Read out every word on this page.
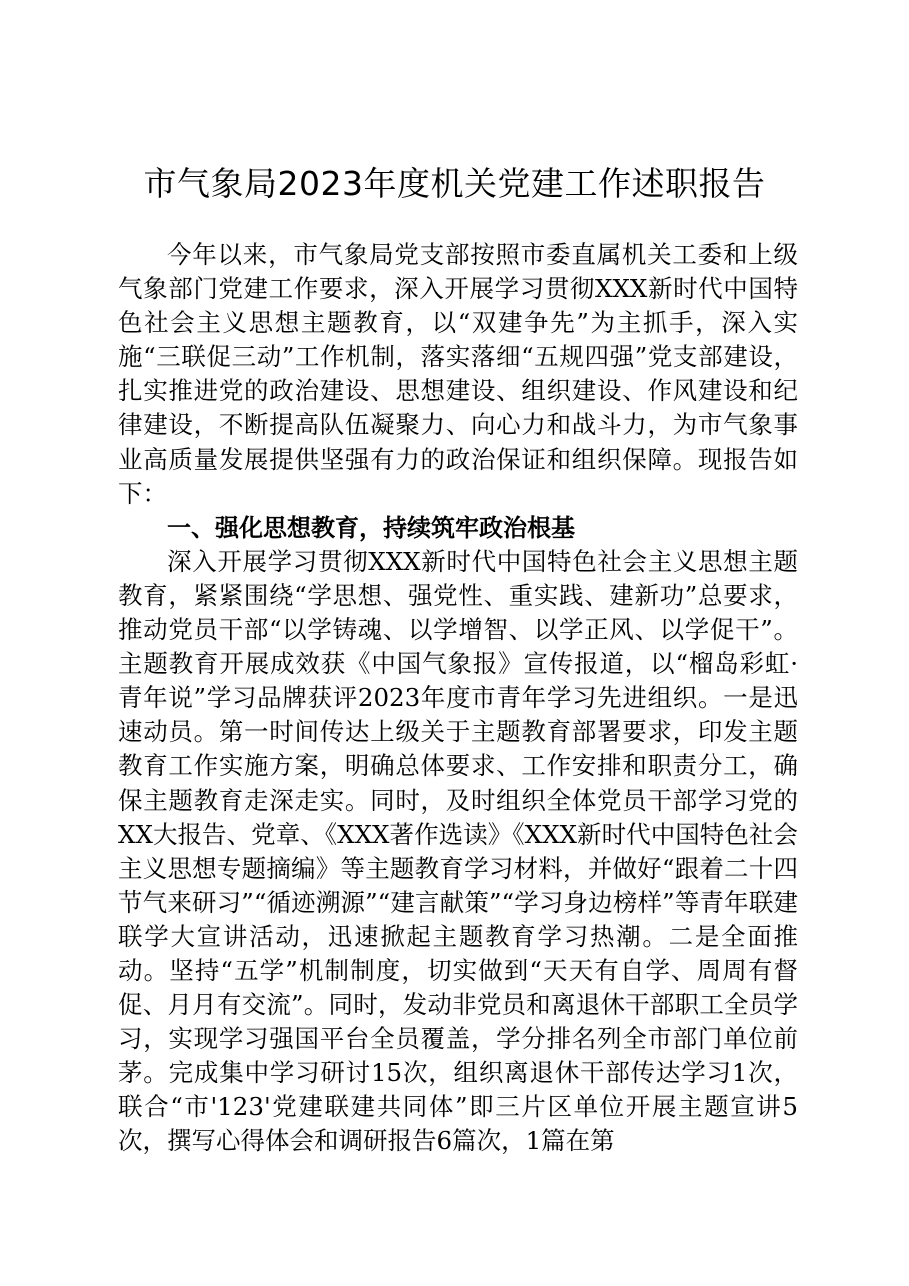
市气象局2023年度机关党建工作述职报告

今年以来，市气象局党支部按照市委直属机关工委和上级气象部门党建工作要求，深入开展学习贯彻XXX新时代中国特色社会主义思想主题教育，以“双建争先”为主抓手，深入实施“三联促三动”工作机制，落实落细“五规四强”党支部建设，扎实推进党的政治建设、思想建设、组织建设、作风建设和纪律建设，不断提高队伍凝聚力、向心力和战斗力，为市气象事业高质量发展提供坚强有力的政治保证和组织保障。现报告如下：

一、强化思想教育，持续筑牢政治根基

深入开展学习贯彻XXX新时代中国特色社会主义思想主题教育，紧紧围绕“学思想、强党性、重实践、建新功”总要求，推动党员干部“以学铸魂、以学增智、以学正风、以学促干”。主题教育开展成效获《中国气象报》宣传报道，以“榴岛彩虹·青年说”学习品牌获评2023年度市青年学习先进组织。一是迅速动员。第一时间传达上级关于主题教育部署要求，印发主题教育工作实施方案，明确总体要求、工作安排和职责分工，确保主题教育走深走实。同时，及时组织全体党员干部学习党的XX大报告、党章、《XXX著作选读》《XXX新时代中国特色社会主义思想专题摘编》等主题教育学习材料，并做好“跟着二十四节气来研习”“循迹溯源”“建言献策”“学习身边榜样”等青年联建联学大宣讲活动，迅速掀起主题教育学习热潮。二是全面推动。坚持“五学”机制制度，切实做到“天天有自学、周周有督促、月月有交流”。同时，发动非党员和离退休干部职工全员学习，实现学习强国平台全员覆盖，学分排名列全市部门单位前茅。完成集中学习研讨15次，组织离退休干部传达学习1次，联合“市'123'党建联建共同体”即三片区单位开展主题宣讲5次，撰写心得体会和调研报告6篇次，1篇在第
